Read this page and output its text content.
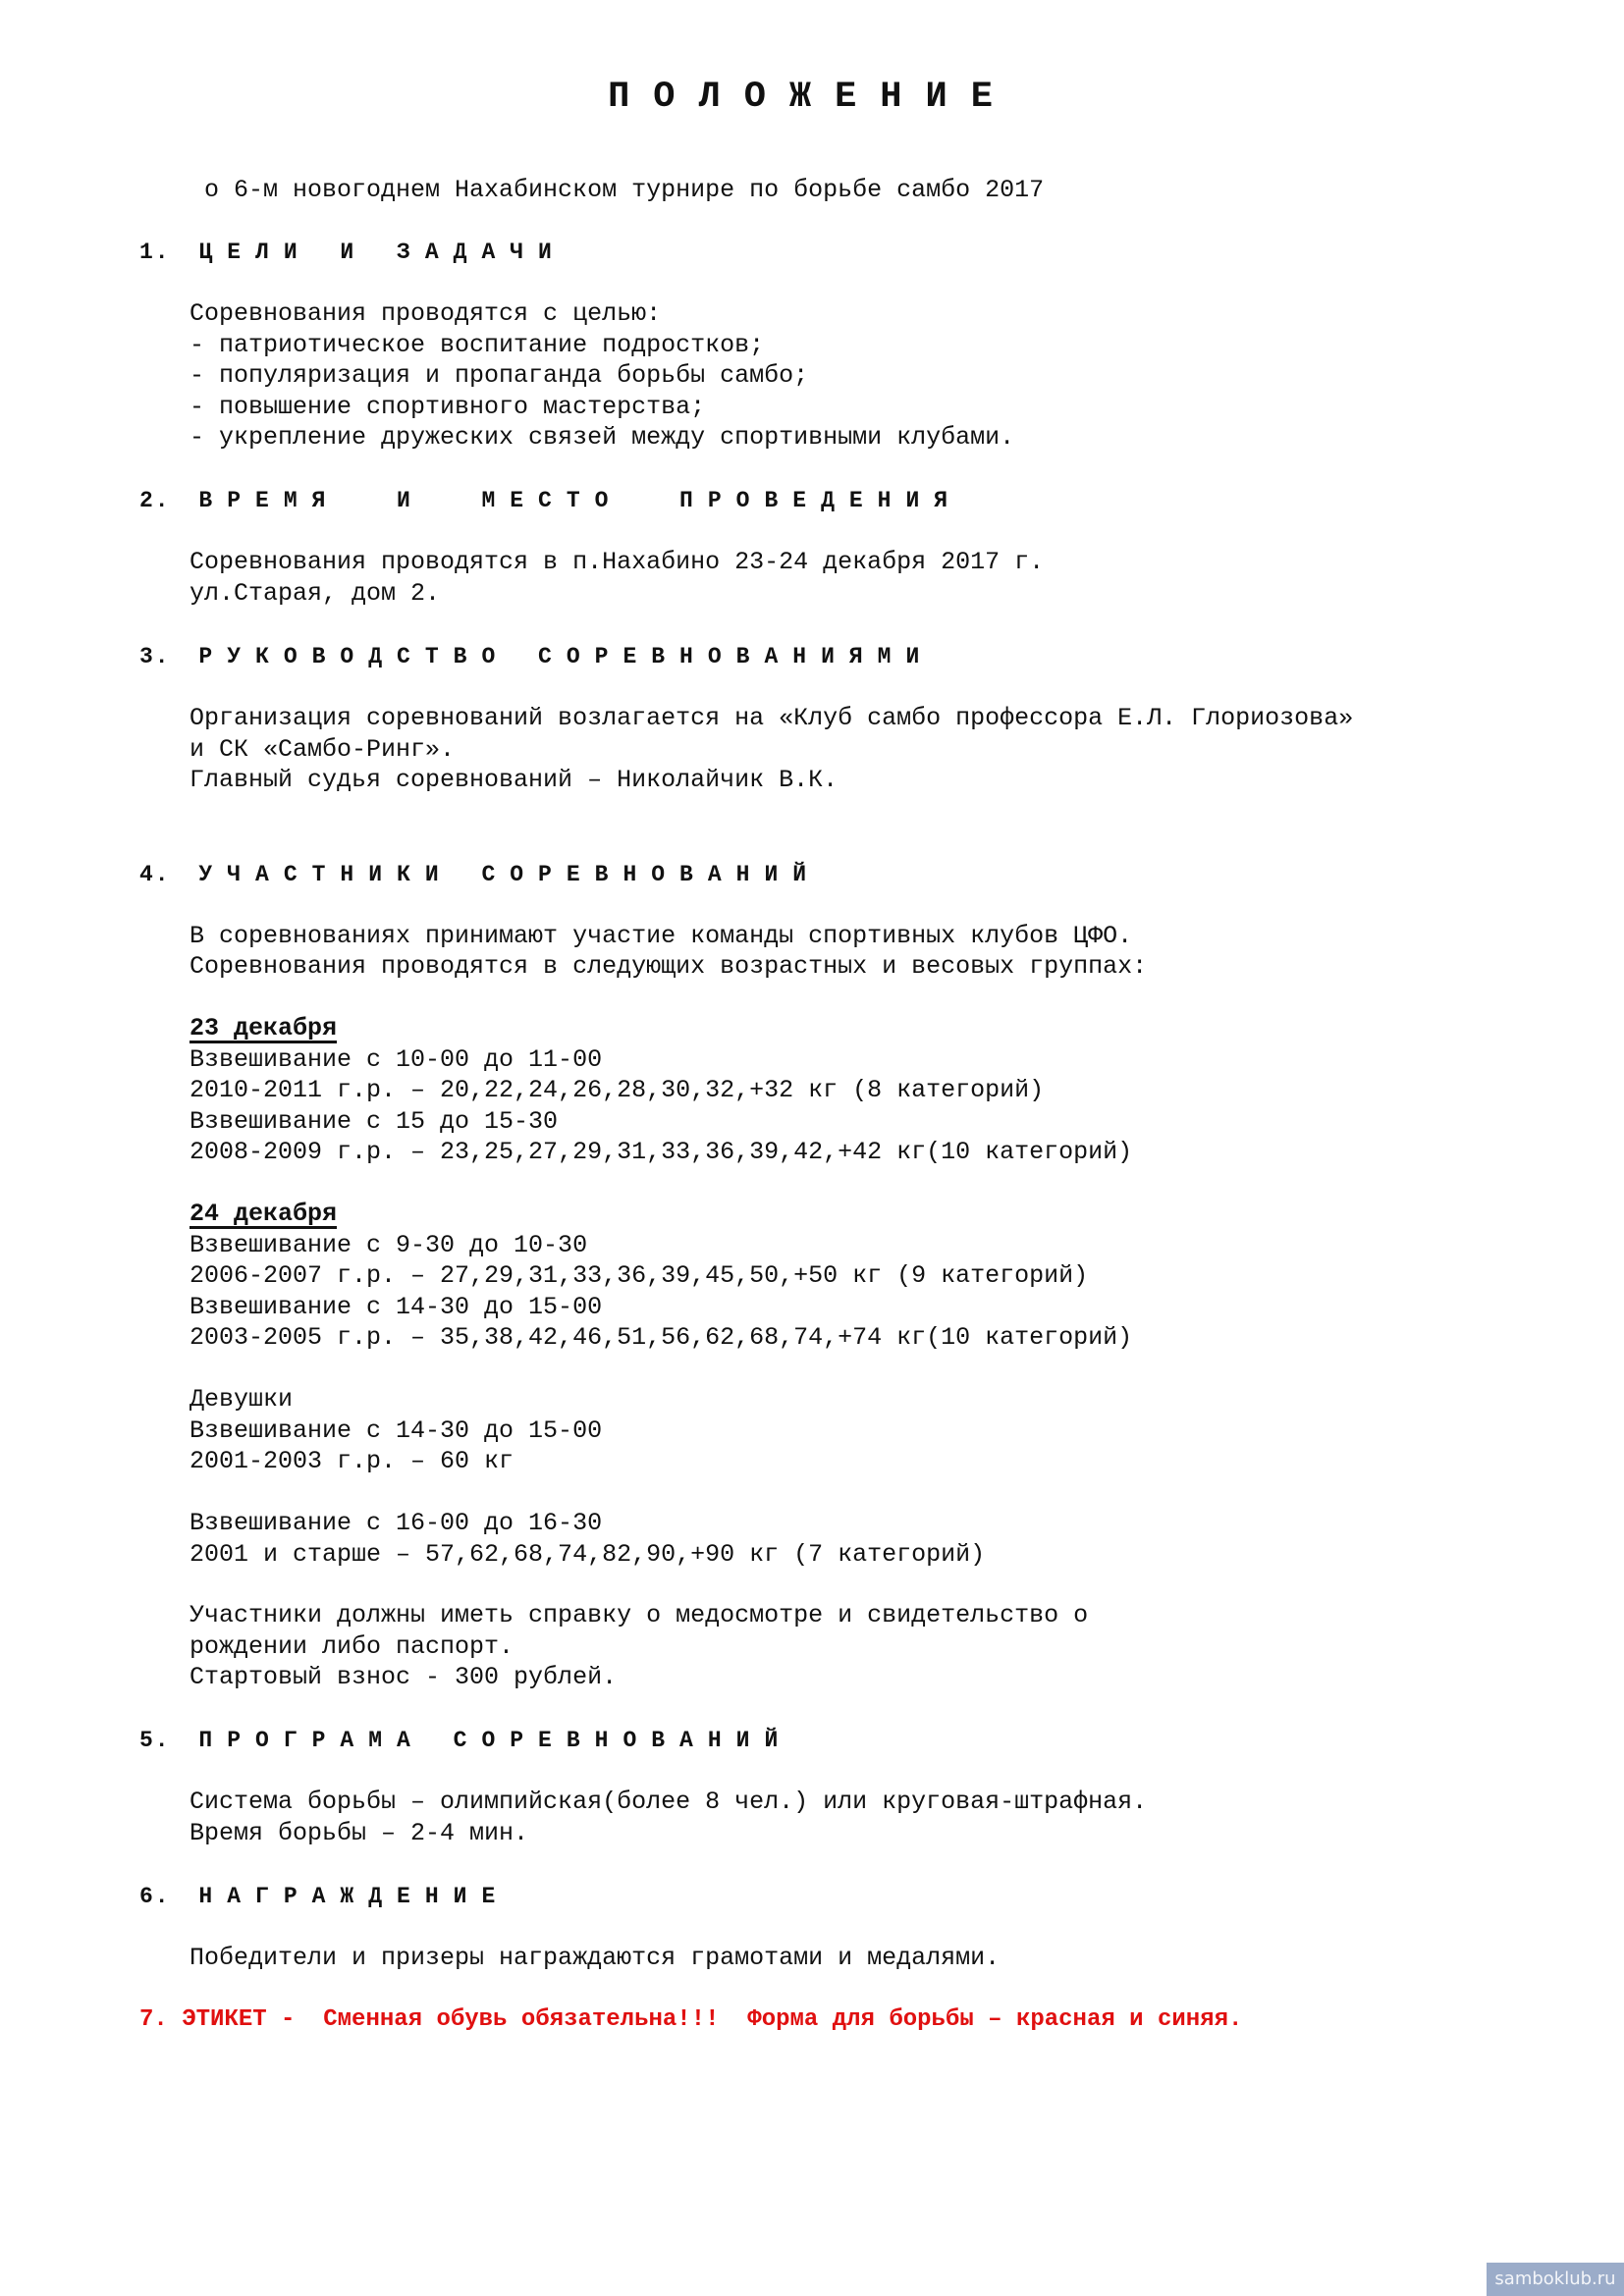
ПОЛОЖЕНИЕ
о 6-м новогоднем Нахабинском турнире по борьбе самбо 2017
1. ЦЕЛИ И ЗАДАЧИ
Соревнования проводятся с целью:
- патриотическое воспитание подростков;
- популяризация и пропаганда борьбы самбо;
- повышение спортивного мастерства;
- укрепление дружеских связей между спортивными клубами.
2. ВРЕМЯ  И  МЕСТО  ПРОВЕДЕНИЯ
Соревнования проводятся в п.Нахабино 23-24 декабря 2017 г.
ул.Старая, дом 2.
3. РУКОВОДСТВО СОРЕВНОВАНИЯМИ
Организация соревнований возлагается на «Клуб самбо профессора Е.Л. Глориозова»
и СК «Самбо-Ринг».
Главный судья соревнований – Николайчик В.К.
4. УЧАСТНИКИ СОРЕВНОВАНИЙ
В соревнованиях принимают участие команды спортивных клубов ЦФО.
Соревнования проводятся в следующих возрастных и весовых группах:
23 декабря
Взвешивание с 10-00 до 11-00
2010-2011 г.р. – 20,22,24,26,28,30,32,+32 кг (8 категорий)
Взвешивание с 15 до 15-30
2008-2009 г.р. – 23,25,27,29,31,33,36,39,42,+42 кг(10 категорий)
24 декабря
Взвешивание с 9-30 до 10-30
2006-2007 г.р. – 27,29,31,33,36,39,45,50,+50 кг (9 категорий)
Взвешивание с 14-30 до 15-00
2003-2005 г.р. – 35,38,42,46,51,56,62,68,74,+74 кг(10 категорий)
Девушки
Взвешивание с 14-30 до 15-00
2001-2003 г.р. – 60 кг
Взвешивание с 16-00 до 16-30
2001 и старше – 57,62,68,74,82,90,+90 кг (7 категорий)
Участники должны иметь справку о медосмотре и свидетельство о
рождении либо паспорт.
Стартовый взнос - 300 рублей.
5. ПРОГРАМА СОРЕВНОВАНИЙ
Система борьбы – олимпийская(более 8 чел.) или круговая-штрафная.
Время борьбы – 2-4 мин.
6. НАГРАЖДЕНИЕ
Победители и призеры награждаются грамотами и медалями.
7. ЭТИКЕТ -  Сменная обувь обязательна!!!  Форма для борьбы – красная и синяя.
samboklub.ru
